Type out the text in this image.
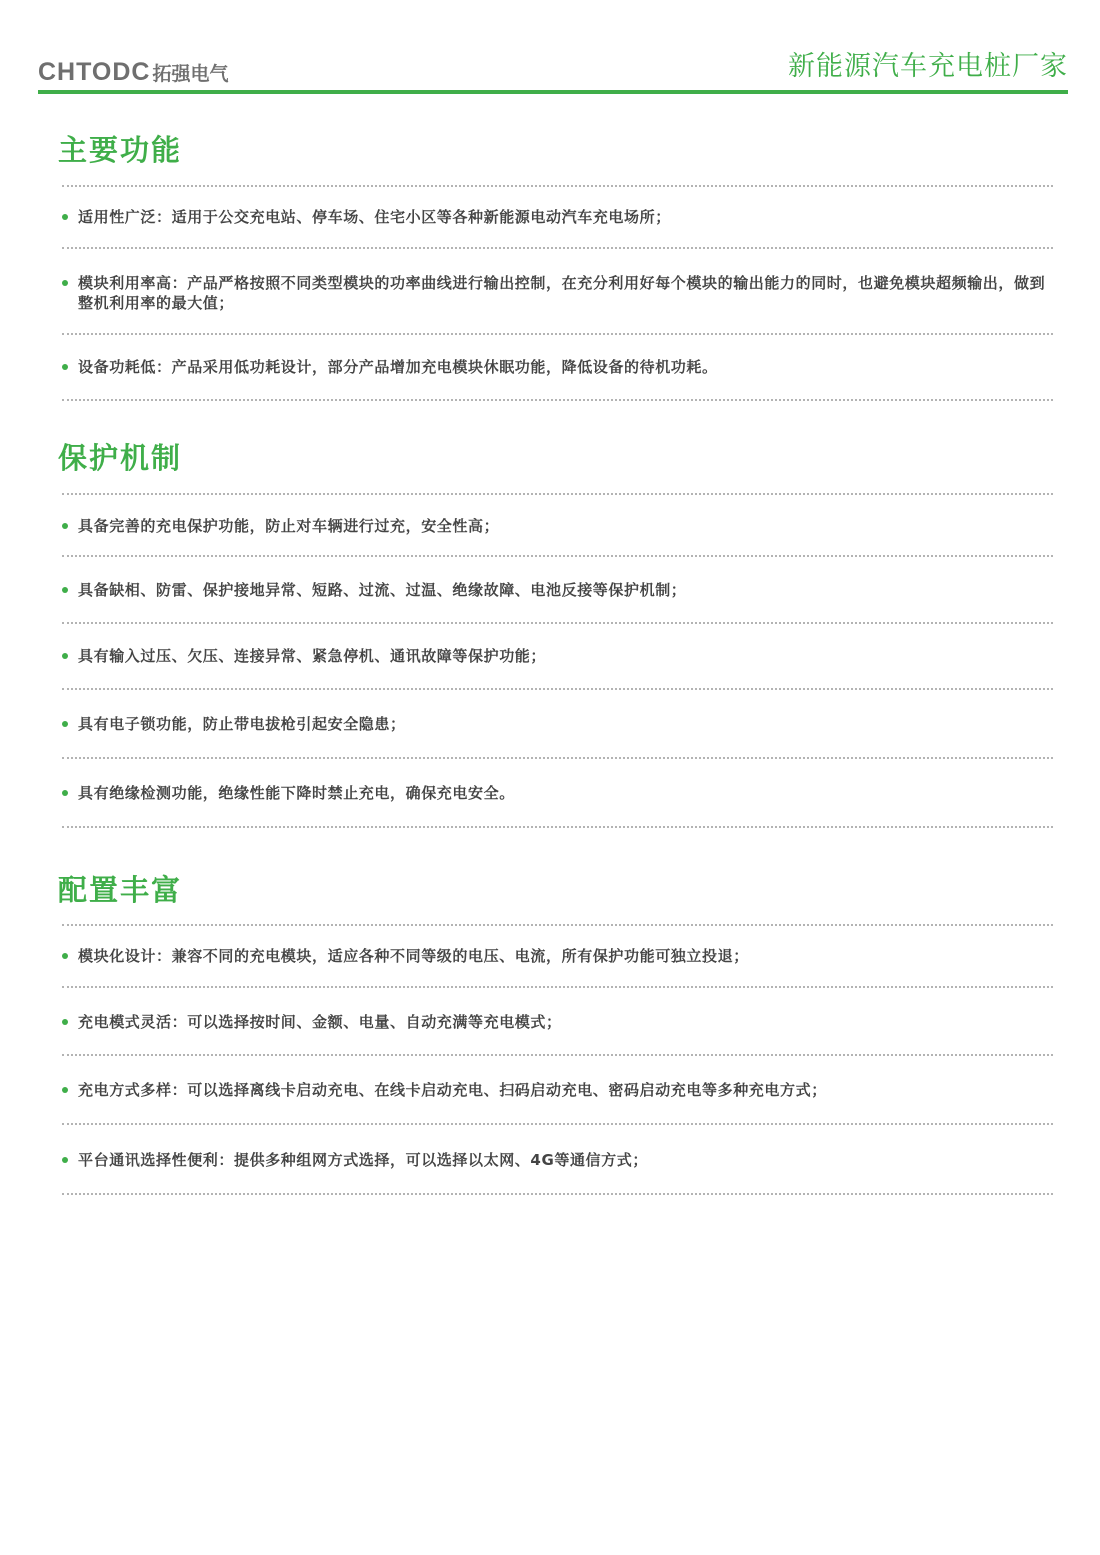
CHTODC 拓强电气	新能源汽车充电桩厂家
主要功能
适用性广泛：适用于公交充电站、停车场、住宅小区等各种新能源电动汽车充电场所；
模块利用率高：产品严格按照不同类型模块的功率曲线进行输出控制，在充分利用好每个模块的输出能力的同时，也避免模块超频输出，做到整机利用率的最大值；
设备功耗低：产品采用低功耗设计，部分产品增加充电模块休眠功能，降低设备的待机功耗。
保护机制
具备完善的充电保护功能，防止对车辆进行过充，安全性高；
具备缺相、防雷、保护接地异常、短路、过流、过温、绝缘故障、电池反接等保护机制；
具有输入过压、欠压、连接异常、紧急停机、通讯故障等保护功能；
具有电子锁功能，防止带电拔枪引起安全隐患；
具有绝缘检测功能，绝缘性能下降时禁止充电，确保充电安全。
配置丰富
模块化设计：兼容不同的充电模块，适应各种不同等级的电压、电流，所有保护功能可独立投退；
充电模式灵活：可以选择按时间、金额、电量、自动充满等充电模式；
充电方式多样：可以选择离线卡启动充电、在线卡启动充电、扫码启动充电、密码启动充电等多种充电方式；
平台通讯选择性便利：提供多种组网方式选择，可以选择以太网、4G等通信方式；
